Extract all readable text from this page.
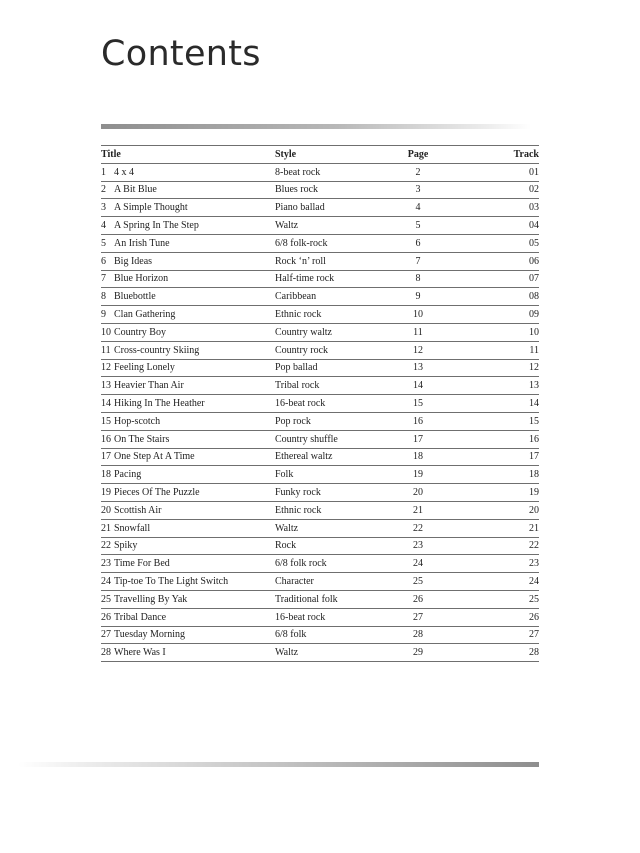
Contents
Title	Style	Page	Track
1 4 x 4	8-beat rock	2	01
2 A Bit Blue	Blues rock	3	02
3 A Simple Thought	Piano ballad	4	03
4 A Spring In The Step	Waltz	5	04
5 An Irish Tune	6/8 folk-rock	6	05
6 Big Ideas	Rock ‘n’ roll	7	06
7 Blue Horizon	Half-time rock	8	07
8 Bluebottle	Caribbean	9	08
9 Clan Gathering	Ethnic rock	10	09
10 Country Boy	Country waltz	11	10
11 Cross-country Skiing	Country rock	12	11
12 Feeling Lonely	Pop ballad	13	12
13 Heavier Than Air	Tribal rock	14	13
14 Hiking In The Heather	16-beat rock	15	14
15 Hop-scotch	Pop rock	16	15
16 On The Stairs	Country shuffle	17	16
17 One Step At A Time	Ethereal waltz	18	17
18 Pacing	Folk	19	18
19 Pieces Of The Puzzle	Funky rock	20	19
20 Scottish Air	Ethnic rock	21	20
21 Snowfall	Waltz	22	21
22 Spiky	Rock	23	22
23 Time For Bed	6/8 folk rock	24	23
24 Tip-toe To The Light Switch	Character	25	24
25 Travelling By Yak	Traditional folk	26	25
26 Tribal Dance	16-beat rock	27	26
27 Tuesday Morning	6/8 folk	28	27
28 Where Was I	Waltz	29	28
